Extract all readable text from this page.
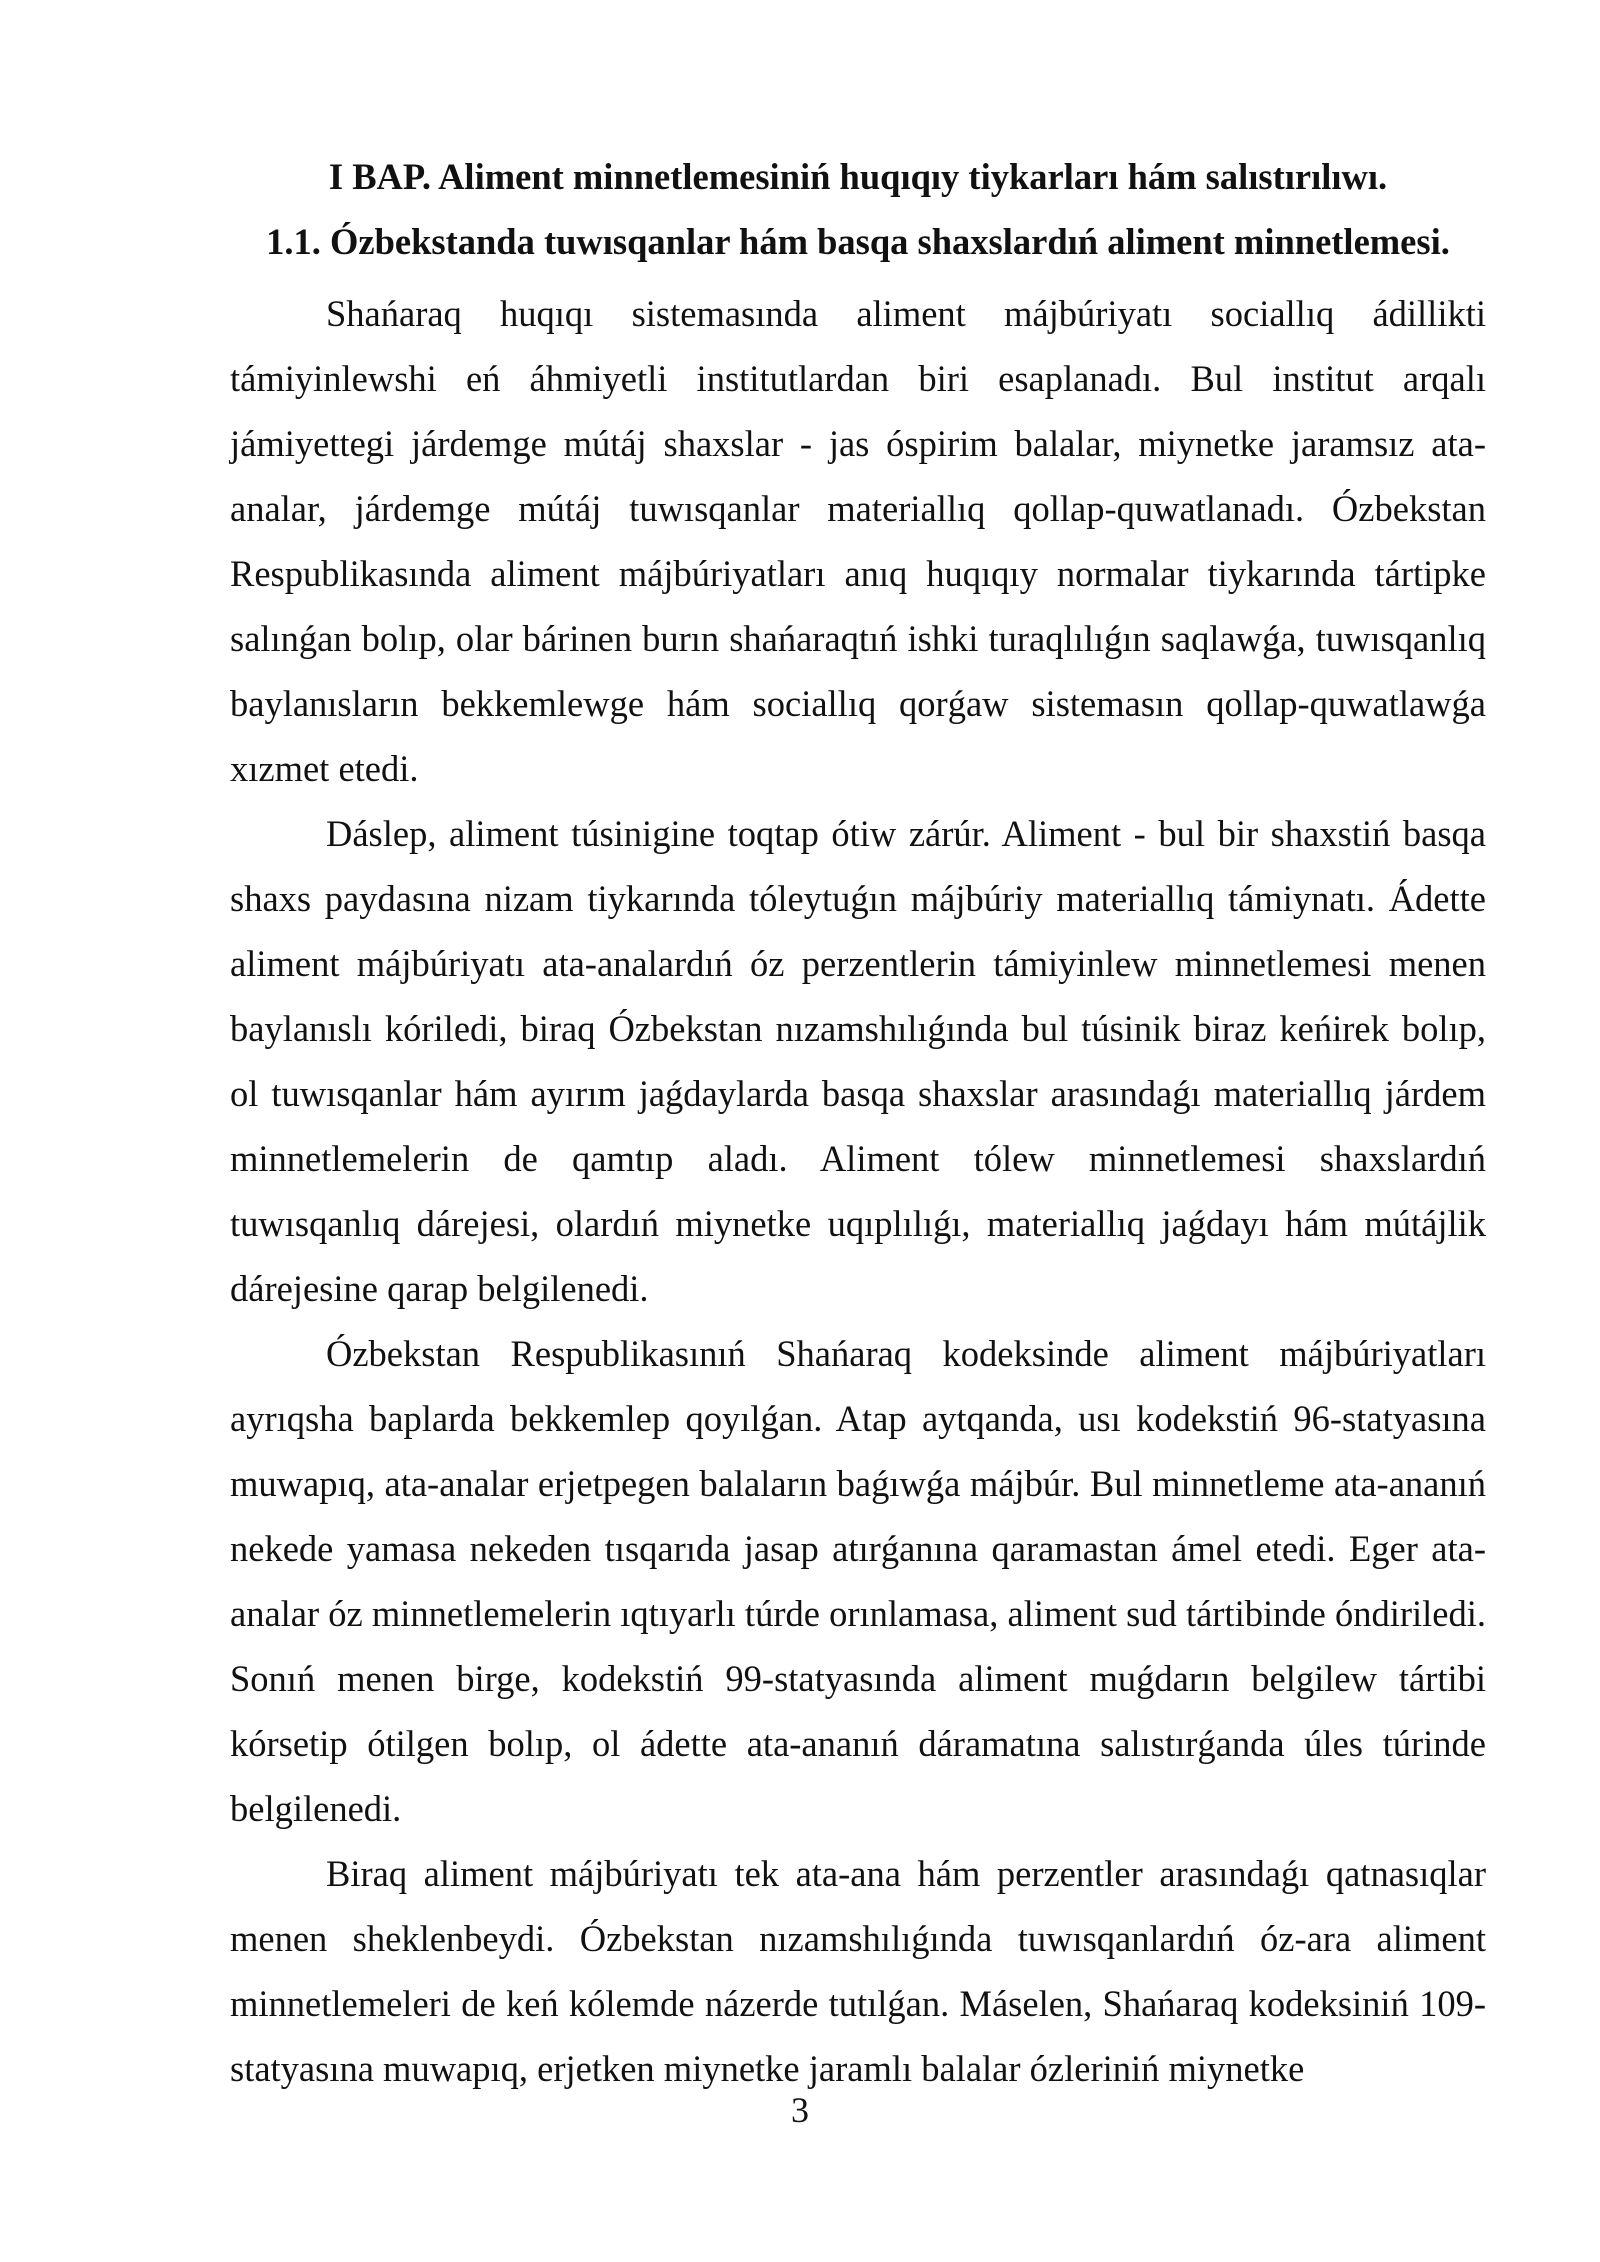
I BAP. Aliment minnetlemesiniń huqıqıy tiykarları hám salıstırılıwı.
1.1. Ózbekstanda tuwısqanlar hám basqa shaxslardıń aliment minnetlemesi.

Shańaraq huqıqı sistemasında aliment májbúriyatı sociallıq ádillikti támiyinlewshi eń áhmiyetli institutlardan biri esaplanadı. Bul institut arqalı jámiyettegi járdemge mútáj shaxslar - jas óspirim balalar, miynetke jaramsız ata-analar, járdemge mútáj tuwısqanlar materiallıq qollap-quwatlanadı. Ózbekstan Respublikasında aliment májbúriyatları anıq huqıqıy normalar tiykarında tártipke salınǵan bolıp, olar bárinen burın shańaraqtıń ishki turaqlılıǵın saqlawǵa, tuwısqanlıq baylanısların bekkemlewge hám sociallıq qorǵaw sistemasın qollap-quwatlawǵa xızmet etedi.

Dáslep, aliment túsinigine toqtap ótiw zárúr. Aliment - bul bir shaxstiń basqa shaxs paydasına nizam tiykarında tóleytuǵın májbúriy materiallıq támiynatı. Ádette aliment májbúriyatı ata-analardıń óz perzentlerin támiyinlew minnetlemesi menen baylanıslı kóriledi, biraq Ózbekstan nızamshılıǵında bul túsinik biraz keńirek bolıp, ol tuwısqanlar hám ayırım jaǵdaylarda basqa shaxslar arasındaǵı materiallıq járdem minnetlemelerin de qamtıp aladı. Aliment tólew minnetlemesi shaxslardıń tuwısqanlıq dárejesi, olardıń miynetke uqıplılıǵı, materiallıq jaǵdayı hám mútájlik dárejesine qarap belgilenedi.

Ózbekstan Respublikasınıń Shańaraq kodeksinde aliment májbúriyatları ayrıqsha baplarda bekkemlep qoyılǵan. Atap aytqanda, usı kodekstiń 96-statyasına muwapıq, ata-analar erjetpegen balaların baǵıwǵa májbúr. Bul minnetleme ata-ananıń nekede yamasa nekeden tısqarıda jasap atırǵanına qaramastan ámel etedi. Eger ata-analar óz minnetlemelerin ıqtıyarlı túrde orınlamasa, aliment sud tártibinde óndiriledi. Sonıń menen birge, kodekstiń 99-statyasında aliment muǵdarın belgilew tártibi kórsetip ótilgen bolıp, ol ádette ata-ananıń dáramatına salıstırǵanda úles túrinde belgilenedi.

Biraq aliment májbúriyatı tek ata-ana hám perzentler arasındaǵı qatnasıqlar menen sheklenbeydi. Ózbekstan nızamshılıǵında tuwısqanlardıń óz-ara aliment minnetlemeleri de keń kólemde názerde tutılǵan. Máselen, Shańaraq kodeksiniń 109-statyasına muwapıq, erjetken miynetke jaramlı balalar ózleriniń miynetke

3
